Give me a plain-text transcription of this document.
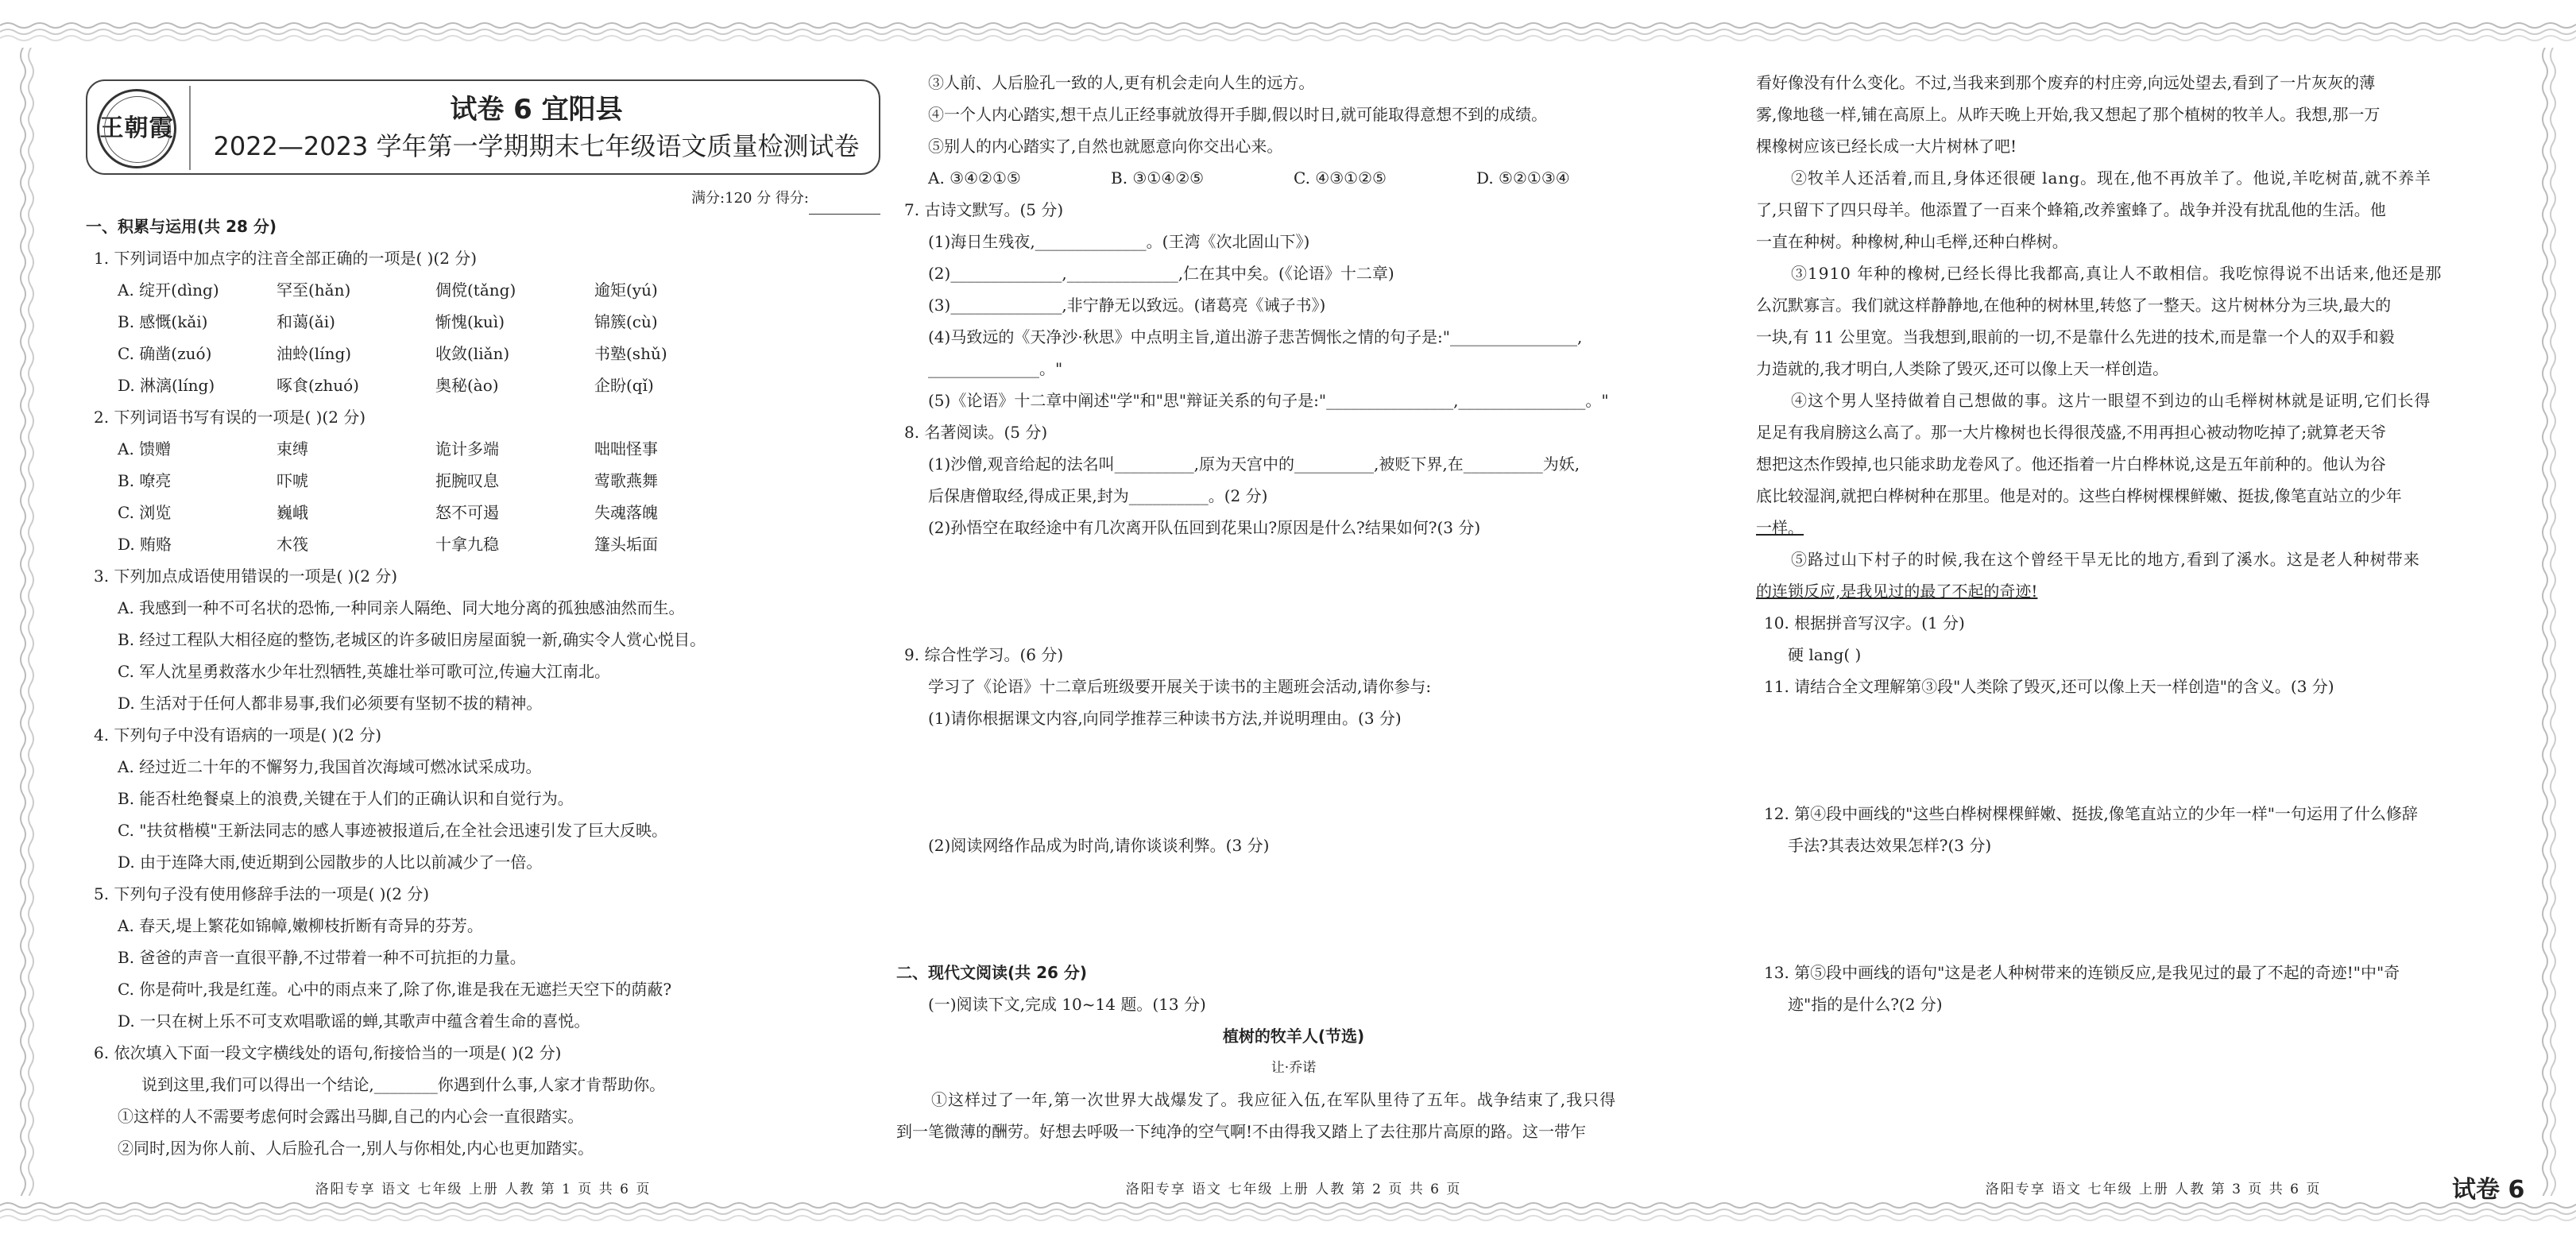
王朝霞
试卷 6 宜阳县
2022—2023 学年第一学期期末七年级语文质量检测试卷
满分:120 分 得分:
一、积累与运用(共 28 分)
1. 下列词语中加点字的注音全部正确的一项是( )(2 分)
A. 绽开(dìng)	罕至(hǎn)	倜傥(tǎng)	逾矩(yú)
B. 感慨(kǎi)	和蔼(ǎi)	惭愧(kuì)	锦簇(cù)
C. 确凿(zuó)	油蛉(líng)	收敛(liǎn)	书塾(shǔ)
D. 淋漓(líng)	啄食(zhuó)	奥秘(ào)	企盼(qǐ)
2. 下列词语书写有误的一项是( )(2 分)
A. 馈赠	束缚	诡计多端	咄咄怪事
B. 嘹亮	吓唬	扼腕叹息	莺歌燕舞
C. 浏览	巍峨	怒不可遏	失魂落魄
D. 贿赂	木筏	十拿九稳	篷头垢面
3. 下列加点成语使用错误的一项是( )(2 分)
A. 我感到一种不可名状的恐怖,一种同亲人隔绝、同大地分离的孤独感油然而生。
B. 经过工程队大相径庭的整饬,老城区的许多破旧房屋面貌一新,确实令人赏心悦目。
C. 军人沈星勇救落水少年壮烈牺牲,英雄壮举可歌可泣,传遍大江南北。
D. 生活对于任何人都非易事,我们必须要有坚韧不拔的精神。
4. 下列句子中没有语病的一项是( )(2 分)
A. 经过近二十年的不懈努力,我国首次海域可燃冰试采成功。
B. 能否杜绝餐桌上的浪费,关键在于人们的正确认识和自觉行为。
C. "扶贫楷模"王新法同志的感人事迹被报道后,在全社会迅速引发了巨大反映。
D. 由于连降大雨,使近期到公园散步的人比以前减少了一倍。
5. 下列句子没有使用修辞手法的一项是( )(2 分)
A. 春天,堤上繁花如锦幛,嫩柳枝折断有奇异的芬芳。
B. 爸爸的声音一直很平静,不过带着一种不可抗拒的力量。
C. 你是荷叶,我是红莲。心中的雨点来了,除了你,谁是我在无遮拦天空下的荫蔽?
D. 一只在树上乐不可支欢唱歌谣的蝉,其歌声中蕴含着生命的喜悦。
6. 依次填入下面一段文字横线处的语句,衔接恰当的一项是( )(2 分)
说到这里,我们可以得出一个结论,________你遇到什么事,人家才肯帮助你。
①这样的人不需要考虑何时会露出马脚,自己的内心会一直很踏实。
②同时,因为你人前、人后脸孔合一,别人与你相处,内心也更加踏实。
③人前、人后脸孔一致的人,更有机会走向人生的远方。
④一个人内心踏实,想干点儿正经事就放得开手脚,假以时日,就可能取得意想不到的成绩。
⑤别人的内心踏实了,自然也就愿意向你交出心来。
A. ③④②①⑤	B. ③①④②⑤	C. ④③①②⑤	D. ⑤②①③④
7. 古诗文默写。(5 分)
(1)海日生残夜,______________。(王湾《次北固山下》)
(2)______________,______________,仁在其中矣。(《论语》十二章)
(3)______________,非宁静无以致远。(诸葛亮《诫子书》)
(4)马致远的《天净沙·秋思》中点明主旨,道出游子悲苦惆怅之情的句子是:"________________,
______________。"
(5)《论语》十二章中阐述"学"和"思"辩证关系的句子是:"________________,________________。"
8. 名著阅读。(5 分)
(1)沙僧,观音给起的法名叫__________,原为天宫中的__________,被贬下界,在__________为妖,
后保唐僧取经,得成正果,封为__________。(2 分)
(2)孙悟空在取经途中有几次离开队伍回到花果山?原因是什么?结果如何?(3 分)
9. 综合性学习。(6 分)
学习了《论语》十二章后班级要开展关于读书的主题班会活动,请你参与:
(1)请你根据课文内容,向同学推荐三种读书方法,并说明理由。(3 分)
(2)阅读网络作品成为时尚,请你谈谈利弊。(3 分)
二、现代文阅读(共 26 分)
(一)阅读下文,完成 10~14 题。(13 分)
植树的牧羊人(节选)
让·乔诺
①这样过了一年,第一次世界大战爆发了。我应征入伍,在军队里待了五年。战争结束了,我只得
到一笔微薄的酬劳。好想去呼吸一下纯净的空气啊!不由得我又踏上了去往那片高原的路。这一带乍
看好像没有什么变化。不过,当我来到那个废弃的村庄旁,向远处望去,看到了一片灰灰的薄
雾,像地毯一样,铺在高原上。从昨天晚上开始,我又想起了那个植树的牧羊人。我想,那一万
棵橡树应该已经长成一大片树林了吧!
②牧羊人还活着,而且,身体还很硬 lang。现在,他不再放羊了。他说,羊吃树苗,就不养羊
了,只留下了四只母羊。他添置了一百来个蜂箱,改养蜜蜂了。战争并没有扰乱他的生活。他
一直在种树。种橡树,种山毛榉,还种白桦树。
③1910 年种的橡树,已经长得比我都高,真让人不敢相信。我吃惊得说不出话来,他还是那
么沉默寡言。我们就这样静静地,在他种的树林里,转悠了一整天。这片树林分为三块,最大的
一块,有 11 公里宽。当我想到,眼前的一切,不是靠什么先进的技术,而是靠一个人的双手和毅
力造就的,我才明白,人类除了毁灭,还可以像上天一样创造。
④这个男人坚持做着自己想做的事。这片一眼望不到边的山毛榉树林就是证明,它们长得
足足有我肩膀这么高了。那一大片橡树也长得很茂盛,不用再担心被动物吃掉了;就算老天爷
想把这杰作毁掉,也只能求助龙卷风了。他还指着一片白桦林说,这是五年前种的。他认为谷
底比较湿润,就把白桦树种在那里。他是对的。这些白桦树棵棵鲜嫩、挺拔,像笔直站立的少年
一样。
⑤路过山下村子的时候,我在这个曾经干旱无比的地方,看到了溪水。这是老人种树带来
的连锁反应,是我见过的最了不起的奇迹!
10. 根据拼音写汉字。(1 分)
硬 lang( )
11. 请结合全文理解第③段"人类除了毁灭,还可以像上天一样创造"的含义。(3 分)
12. 第④段中画线的"这些白桦树棵棵鲜嫩、挺拔,像笔直站立的少年一样"一句运用了什么修辞
手法?其表达效果怎样?(3 分)
13. 第⑤段中画线的语句"这是老人种树带来的连锁反应,是我见过的最了不起的奇迹!"中"奇
迹"指的是什么?(2 分)
洛阳专享 语文 七年级 上册 人教 第 1 页 共 6 页	洛阳专享 语文 七年级 上册 人教 第 2 页 共 6 页	洛阳专享 语文 七年级 上册 人教 第 3 页 共 6 页	试卷 6
